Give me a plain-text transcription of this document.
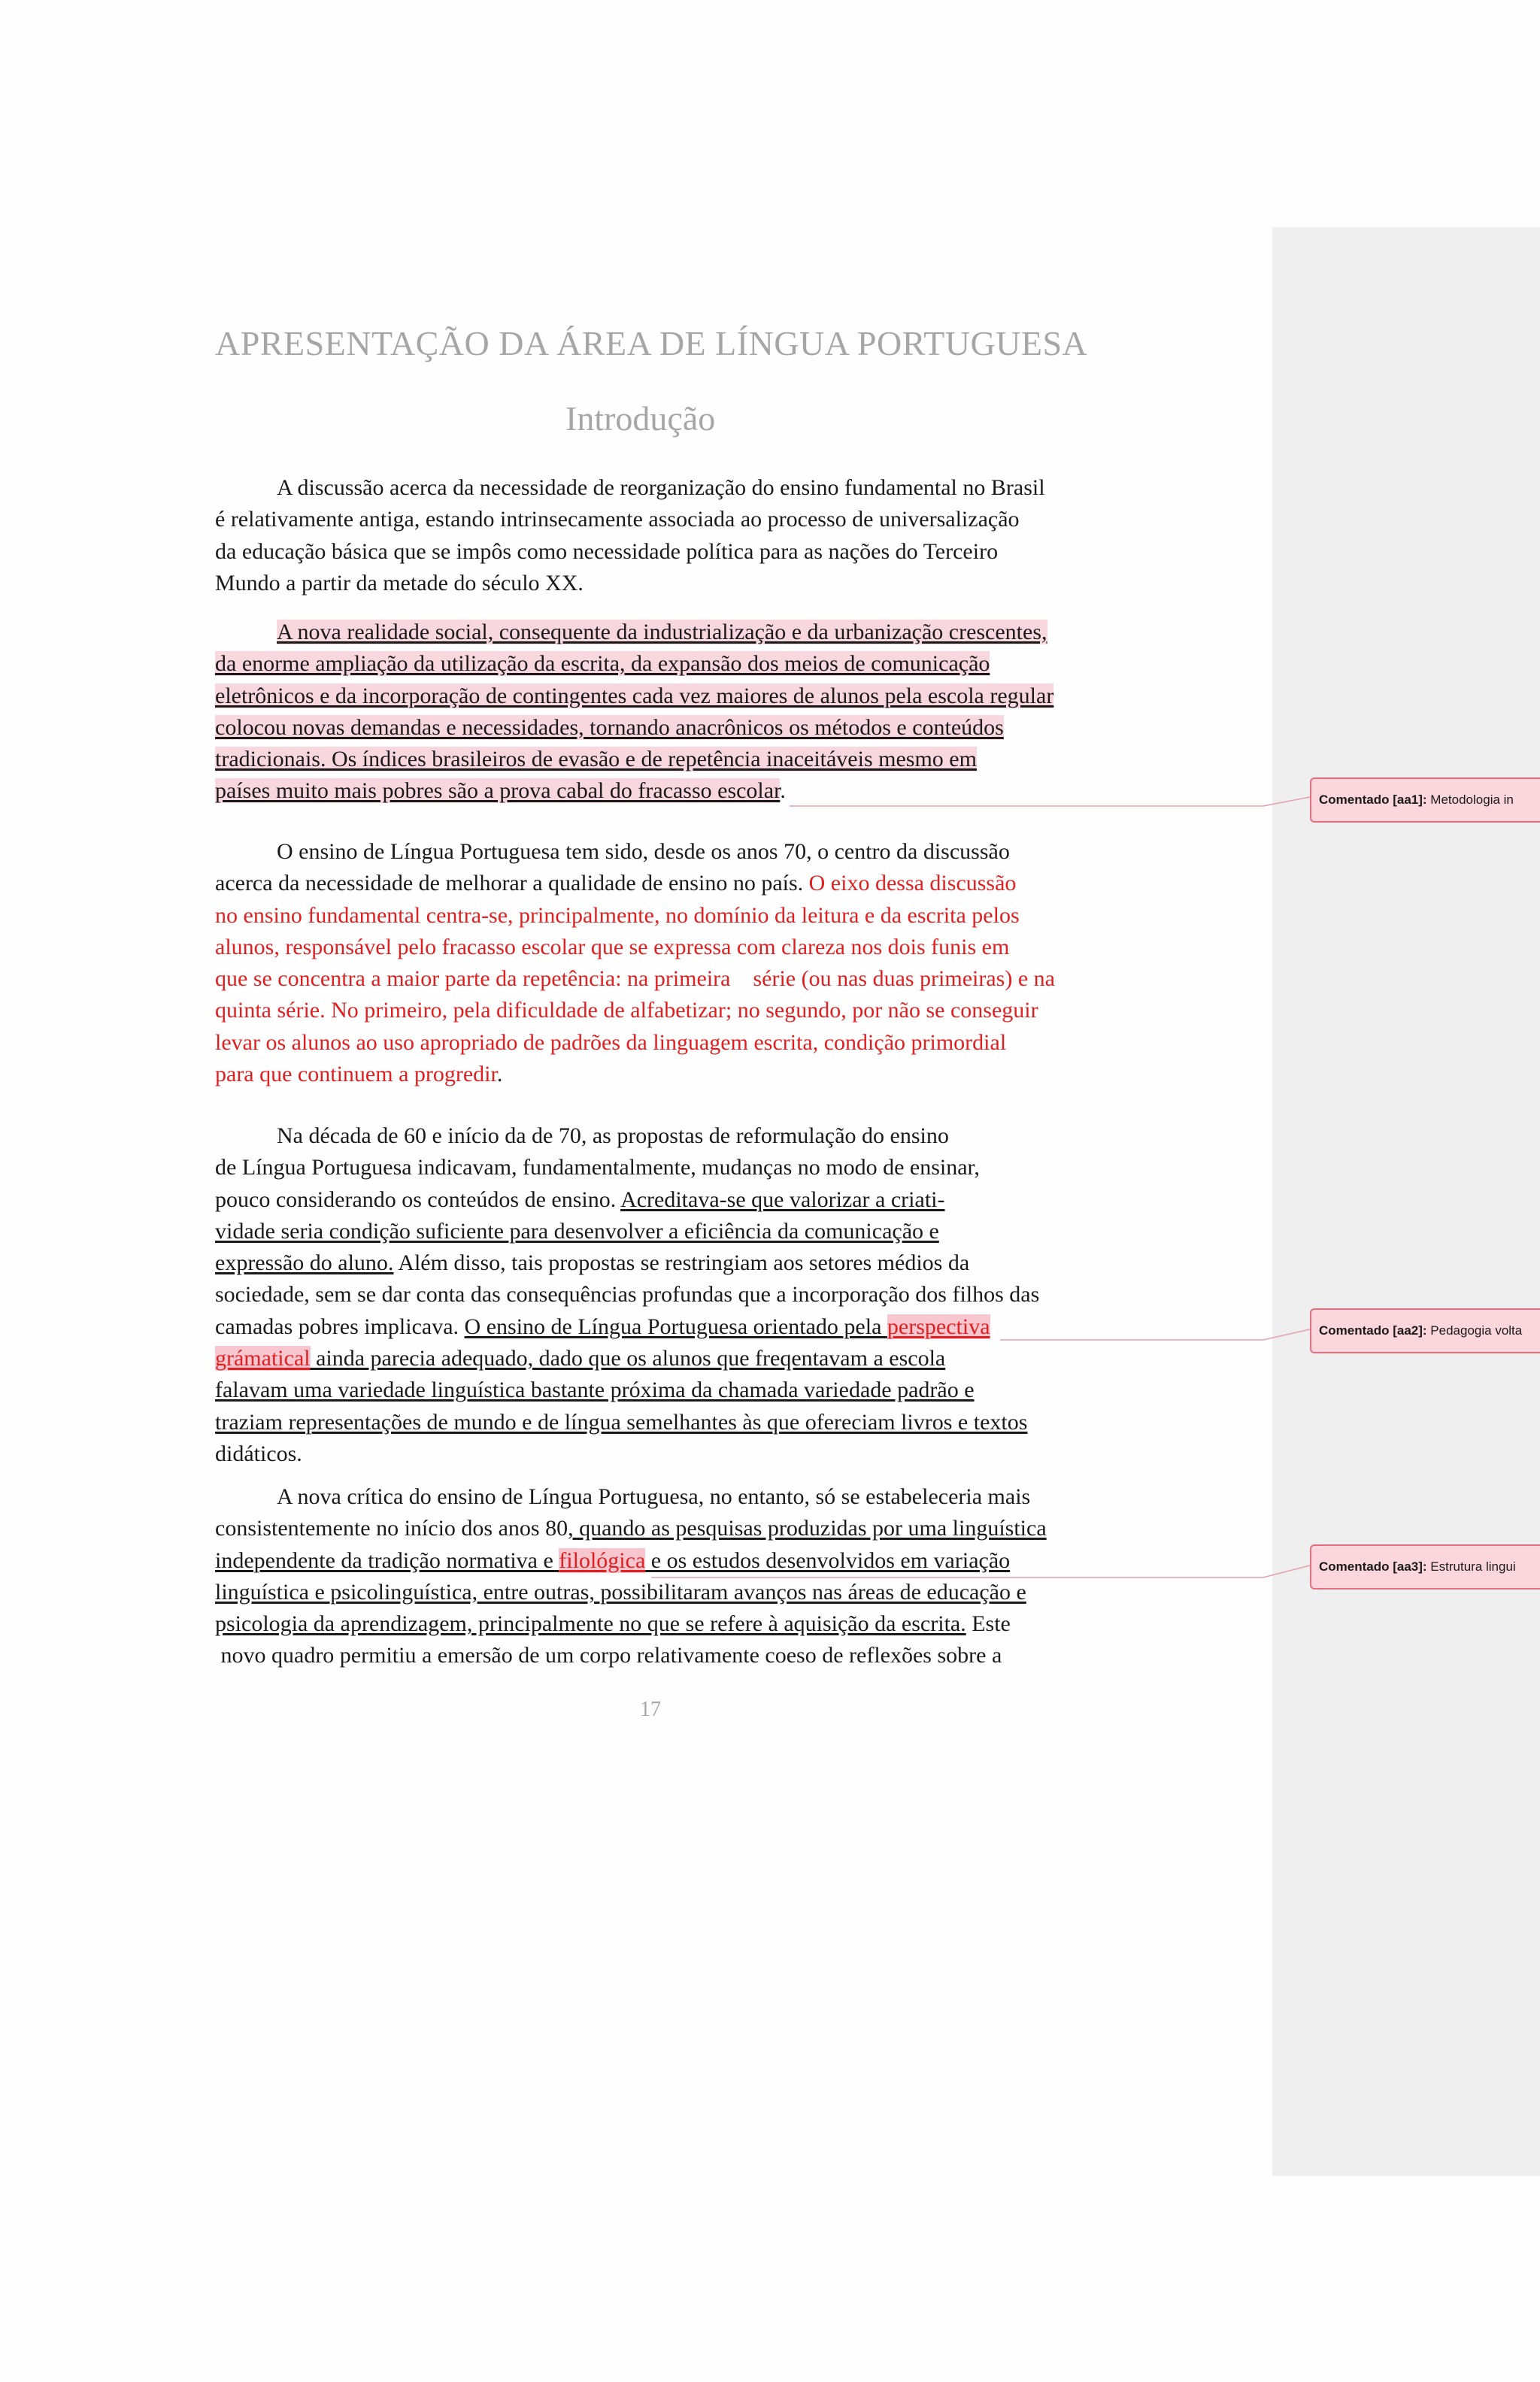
APRESENTAÇÃO DA ÁREA DE LÍNGUA PORTUGUESA
Introdução
A discussão acerca da necessidade de reorganização do ensino fundamental no Brasil
é relativamente antiga, estando intrinsecamente associada ao processo de universalização
da educação básica que se impôs como necessidade política para as nações do Terceiro
Mundo a partir da metade do século XX.
A nova realidade social, consequente da industrialização e da urbanização crescentes,
da enorme ampliação da utilização da escrita, da expansão dos meios de comunicação
eletrônicos e da incorporação de contingentes cada vez maiores de alunos pela escola regular
colocou novas demandas e necessidades, tornando anacrônicos os métodos e conteúdos
tradicionais. Os índices brasileiros de evasão e de repetência inaceitáveis mesmo em
países muito mais pobres são a prova cabal do fracasso escolar.
O ensino de Língua Portuguesa tem sido, desde os anos 70, o centro da discussão
acerca da necessidade de melhorar a qualidade de ensino no país. O eixo dessa discussão
no ensino fundamental centra-se, principalmente, no domínio da leitura e da escrita pelos
alunos, responsável pelo fracasso escolar que se expressa com clareza nos dois funis em
que se concentra a maior parte da repetência: na primeira    série (ou nas duas primeiras) e na
quinta série. No primeiro, pela dificuldade de alfabetizar; no segundo, por não se conseguir
levar os alunos ao uso apropriado de padrões da linguagem escrita, condição primordial
para que continuem a progredir.
Na década de 60 e início da de 70, as propostas de reformulação do ensino
de Língua Portuguesa indicavam, fundamentalmente, mudanças no modo de ensinar,
pouco considerando os conteúdos de ensino. Acreditava-se que valorizar a criati-
vidade seria condição suficiente para desenvolver a eficiência da comunicação e
expressão do aluno. Além disso, tais propostas se restringiam aos setores médios da
sociedade, sem se dar conta das consequências profundas que a incorporação dos filhos das
camadas pobres implicava. O ensino de Língua Portuguesa orientado pela perspectiva
grámatical ainda parecia adequado, dado que os alunos que freqentavam a escola
falavam uma variedade linguística bastante próxima da chamada variedade padrão e
traziam representações de mundo e de língua semelhantes às que ofereciam livros e textos
didáticos.
A nova crítica do ensino de Língua Portuguesa, no entanto, só se estabeleceria mais
consistentemente no início dos anos 80, quando as pesquisas produzidas por uma linguística
independente da tradição normativa e filológica e os estudos desenvolvidos em variação
linguística e psicolinguística, entre outras, possibilitaram avanços nas áreas de educação e
psicologia da aprendizagem, principalmente no que se refere à aquisição da escrita. Este
novo quadro permitiu a emersão de um corpo relativamente coeso de reflexões sobre a
17
Comentado [aa1]: Metodologia in
Comentado [aa2]: Pedagogia volta
Comentado [aa3]: Estrutura lingui
